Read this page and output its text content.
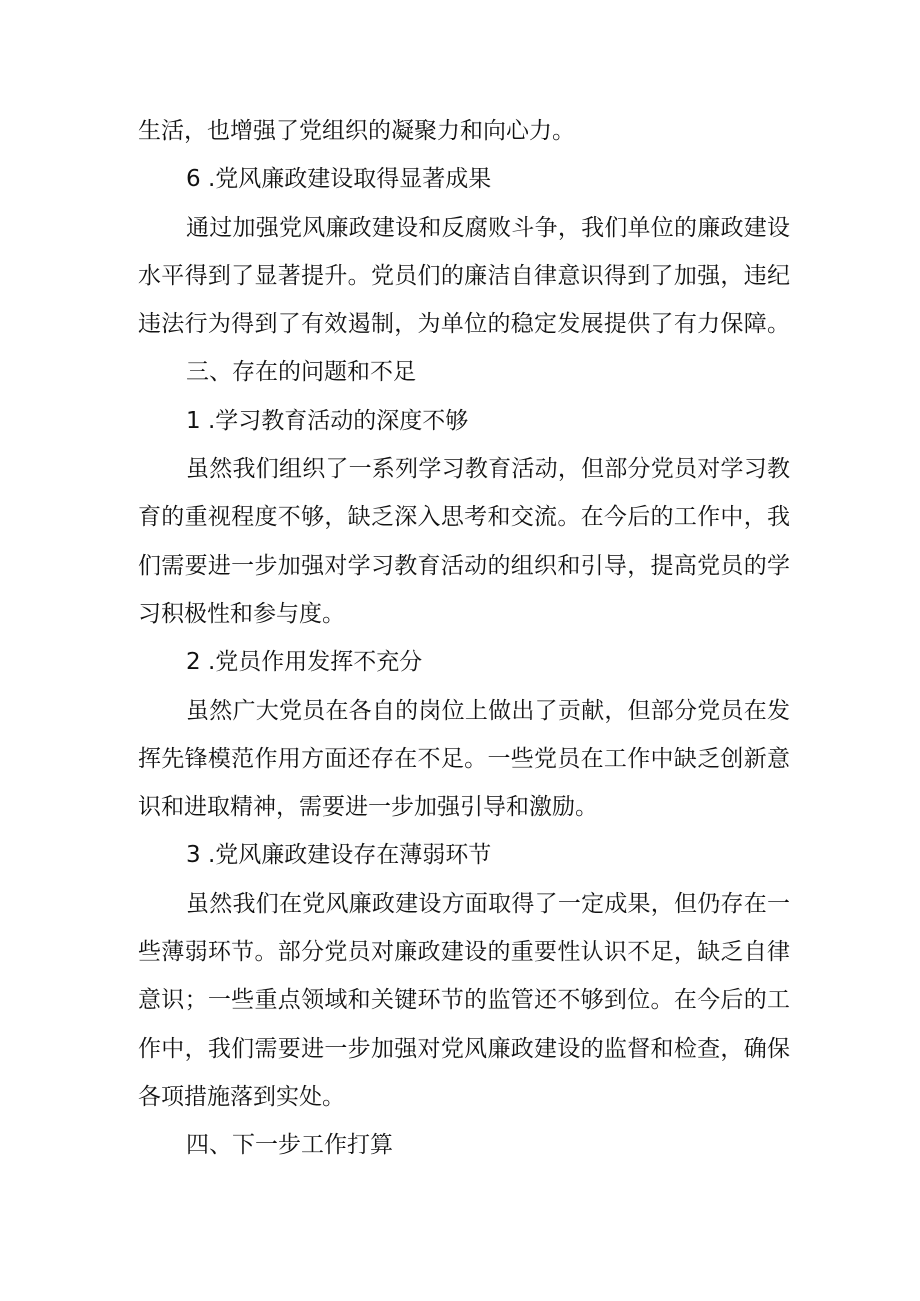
生活，也增强了党组织的凝聚力和向心力。
6 .党风廉政建设取得显著成果
通过加强党风廉政建设和反腐败斗争，我们单位的廉政建设
水平得到了显著提升。党员们的廉洁自律意识得到了加强，违纪
违法行为得到了有效遏制，为单位的稳定发展提供了有力保障。
三、存在的问题和不足
1 .学习教育活动的深度不够
虽然我们组织了一系列学习教育活动，但部分党员对学习教
育的重视程度不够，缺乏深入思考和交流。在今后的工作中，我
们需要进一步加强对学习教育活动的组织和引导，提高党员的学
习积极性和参与度。
2 .党员作用发挥不充分
虽然广大党员在各自的岗位上做出了贡献，但部分党员在发
挥先锋模范作用方面还存在不足。一些党员在工作中缺乏创新意
识和进取精神，需要进一步加强引导和激励。
3 .党风廉政建设存在薄弱环节
虽然我们在党风廉政建设方面取得了一定成果，但仍存在一
些薄弱环节。部分党员对廉政建设的重要性认识不足，缺乏自律
意识；一些重点领域和关键环节的监管还不够到位。在今后的工
作中，我们需要进一步加强对党风廉政建设的监督和检查，确保
各项措施落到实处。
四、下一步工作打算
